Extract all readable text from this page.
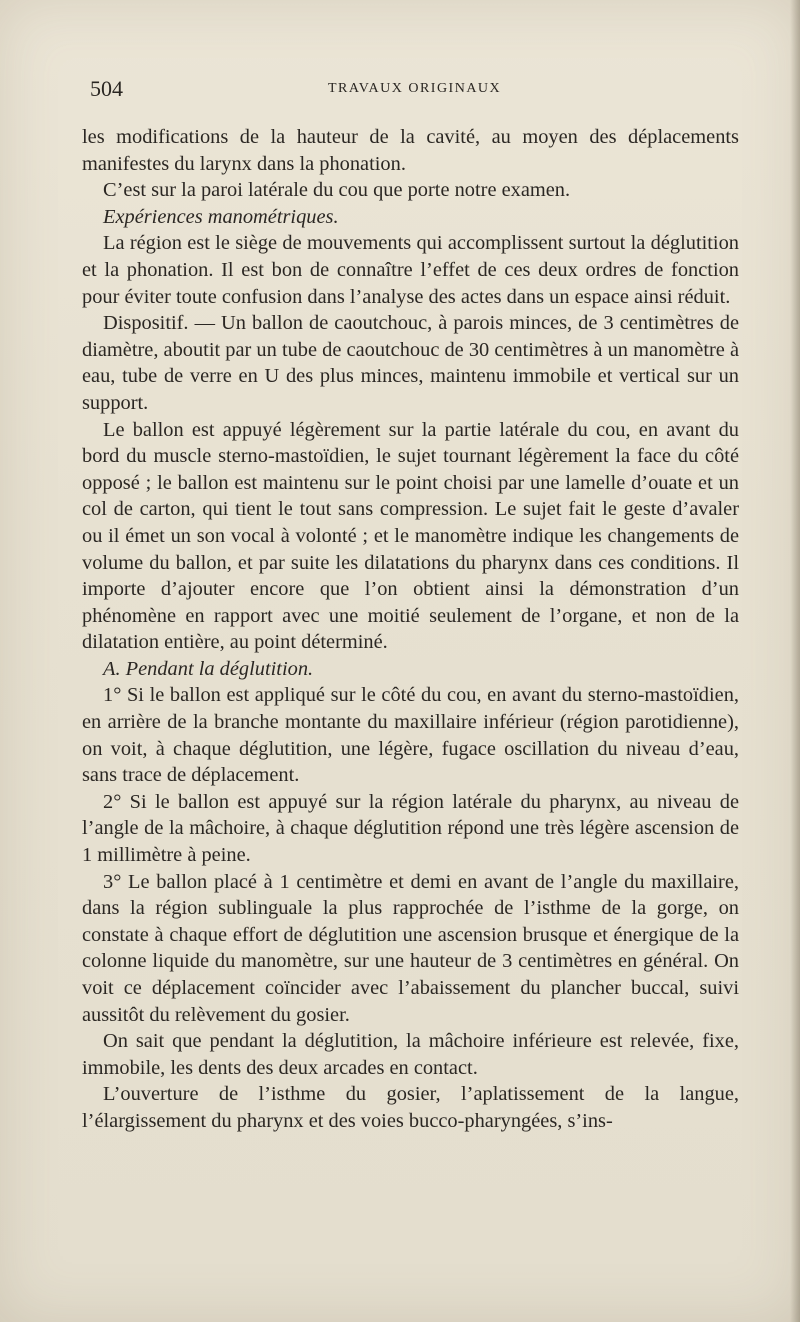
504	TRAVAUX ORIGINAUX

les modifications de la hauteur de la cavité, au moyen des déplacements manifestes du larynx dans la phonation.

C’est sur la paroi latérale du cou que porte notre examen.

Expériences manométriques.

La région est le siège de mouvements qui accomplissent surtout la déglutition et la phonation. Il est bon de connaître l’effet de ces deux ordres de fonction pour éviter toute confusion dans l’analyse des actes dans un espace ainsi réduit.

Dispositif. — Un ballon de caoutchouc, à parois minces, de 3 centimètres de diamètre, aboutit par un tube de caoutchouc de 30 centimètres à un manomètre à eau, tube de verre en U des plus minces, maintenu immobile et vertical sur un support.

Le ballon est appuyé légèrement sur la partie latérale du cou, en avant du bord du muscle sterno-mastoïdien, le sujet tournant légèrement la face du côté opposé ; le ballon est maintenu sur le point choisi par une lamelle d’ouate et un col de carton, qui tient le tout sans compression. Le sujet fait le geste d’avaler ou il émet un son vocal à volonté ; et le manomètre indique les changements de volume du ballon, et par suite les dilatations du pharynx dans ces conditions. Il importe d’ajouter encore que l’on obtient ainsi la démonstration d’un phénomène en rapport avec une moitié seulement de l’organe, et non de la dilatation entière, au point déterminé.

A. Pendant la déglutition.

1° Si le ballon est appliqué sur le côté du cou, en avant du sterno-mastoïdien, en arrière de la branche montante du maxillaire inférieur (région parotidienne), on voit, à chaque déglutition, une légère, fugace oscillation du niveau d’eau, sans trace de déplacement.

2° Si le ballon est appuyé sur la région latérale du pharynx, au niveau de l’angle de la mâchoire, à chaque déglutition répond une très légère ascension de 1 millimètre à peine.

3° Le ballon placé à 1 centimètre et demi en avant de l’angle du maxillaire, dans la région sublinguale la plus rapprochée de l’isthme de la gorge, on constate à chaque effort de déglutition une ascension brusque et énergique de la colonne liquide du manomètre, sur une hauteur de 3 centimètres en général. On voit ce déplacement coïncider avec l’abaissement du plancher buccal, suivi aussitôt du relèvement du gosier.

On sait que pendant la déglutition, la mâchoire inférieure est relevée, fixe, immobile, les dents des deux arcades en contact.

L’ouverture de l’isthme du gosier, l’aplatissement de la langue, l’élargissement du pharynx et des voies bucco-pharyngées, s’ins-
